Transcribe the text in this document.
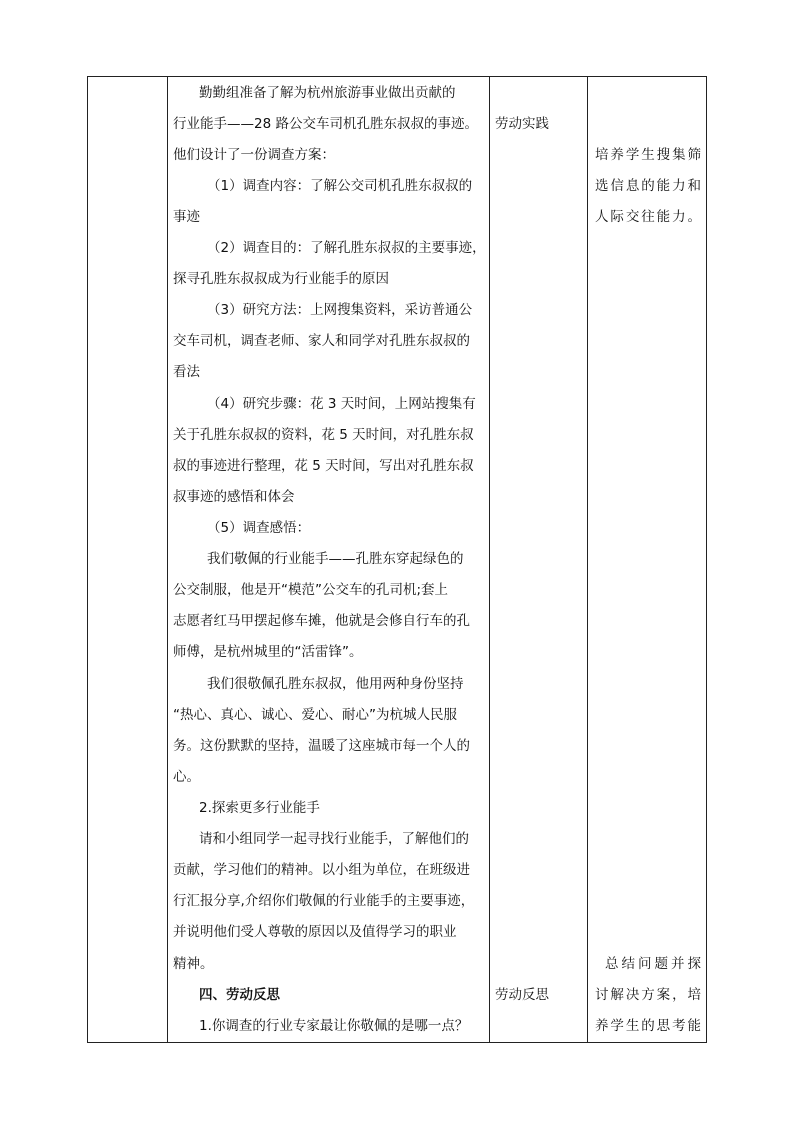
勤勤组准备了解为杭州旅游事业做出贡献的
行业能手——28 路公交车司机孔胜东叔叔的事迹。
他们设计了一份调查方案：
（1）调查内容：了解公交司机孔胜东叔叔的
事迹
（2）调查目的：了解孔胜东叔叔的主要事迹，
探寻孔胜东叔叔成为行业能手的原因
（3）研究方法：上网搜集资料，采访普通公
交车司机，调查老师、家人和同学对孔胜东叔叔的
看法
（4）研究步骤：花 3 天时间，上网站搜集有
关于孔胜东叔叔的资料，花 5 天时间，对孔胜东叔
叔的事迹进行整理，花 5 天时间，写出对孔胜东叔
叔事迹的感悟和体会
（5）调查感悟：
我们敬佩的行业能手——孔胜东穿起绿色的
公交制服，他是开“模范”公交车的孔司机;套上
志愿者红马甲摆起修车摊，他就是会修自行车的孔
师傅，是杭州城里的“活雷锋”。
我们很敬佩孔胜东叔叔，他用两种身份坚持
“热心、真心、诚心、爱心、耐心”为杭城人民服
务。这份默默的坚持，温暖了这座城市每一个人的
心。
2.探索更多行业能手
请和小组同学一起寻找行业能手，了解他们的
贡献，学习他们的精神。以小组为单位，在班级进
行汇报分享,介绍你们敬佩的行业能手的主要事迹，
并说明他们受人尊敬的原因以及值得学习的职业
精神。
四、劳动反思
1.你调查的行业专家最让你敬佩的是哪一点？
劳动实践
劳动反思
培养学生搜集筛
选信息的能力和
人际交往能力。
总结问题并探
讨解决方案，培
养学生的思考能
